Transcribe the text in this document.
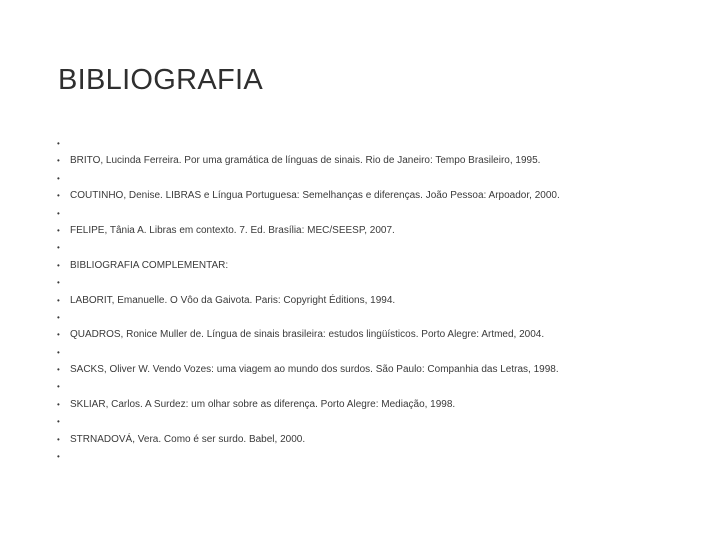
BIBLIOGRAFIA
•
•	BRITO, Lucinda Ferreira. Por uma gramática de línguas de sinais. Rio de Janeiro: Tempo Brasileiro, 1995.
•
•	COUTINHO, Denise. LIBRAS e Língua Portuguesa: Semelhanças e diferenças. João Pessoa: Arpoador, 2000.
•
•	FELIPE, Tânia A. Libras em contexto. 7. Ed. Brasília: MEC/SEESP, 2007.
•
•	BIBLIOGRAFIA COMPLEMENTAR:
•
•	LABORIT, Emanuelle. O Vôo da Gaivota. Paris: Copyright Éditions, 1994.
•
•	QUADROS, Ronice Muller de. Língua de sinais brasileira: estudos lingüísticos. Porto Alegre: Artmed, 2004.
•
•	SACKS, Oliver W. Vendo Vozes: uma viagem ao mundo dos surdos. São Paulo: Companhia das Letras, 1998.
•
•	SKLIAR, Carlos. A Surdez: um olhar sobre as diferença. Porto Alegre: Mediação, 1998.
•
•	STRNADOVÁ, Vera. Como é ser surdo. Babel, 2000.
•
